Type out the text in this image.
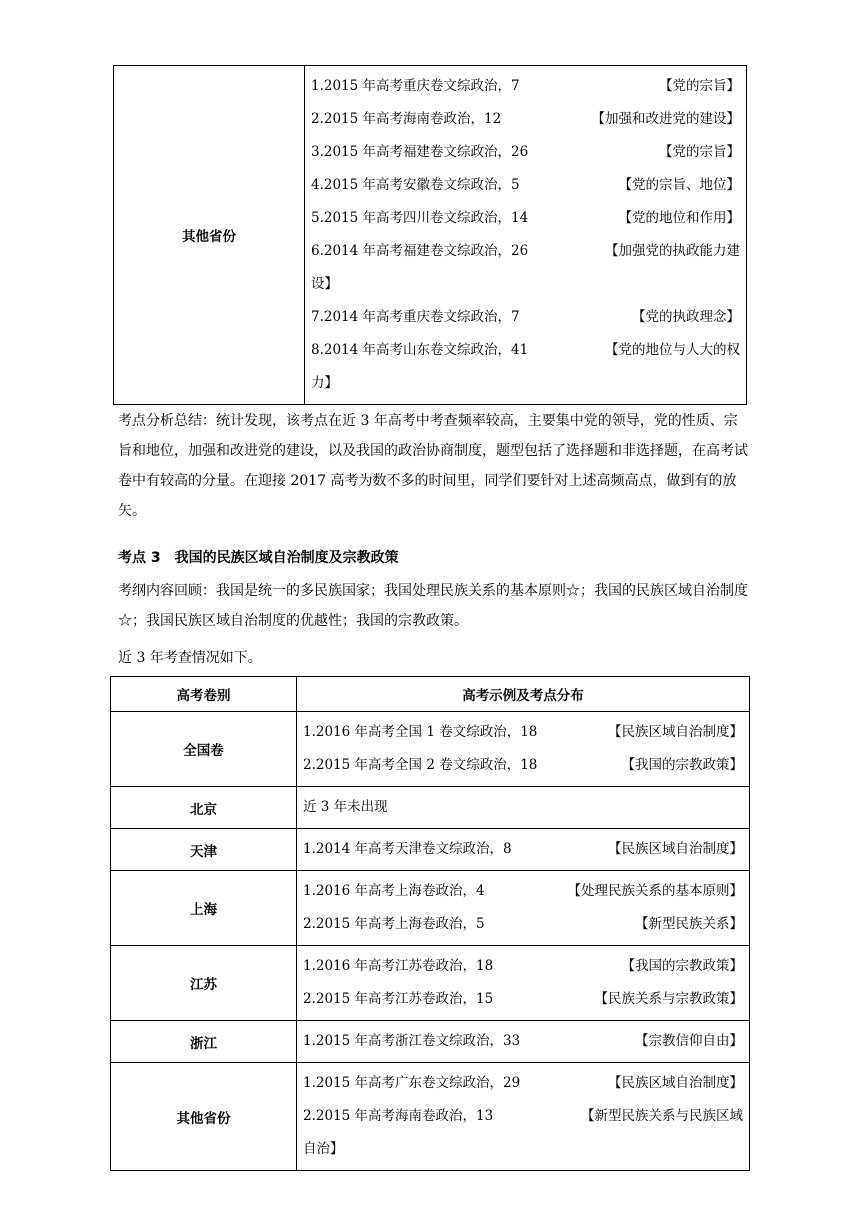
其他省份	
1.2015 年高考重庆卷文综政治，7	【党的宗旨】
2.2015 年高考海南卷政治，12	【加强和改进党的建设】
3.2015 年高考福建卷文综政治，26	【党的宗旨】
4.2015 年高考安徽卷文综政治，5	【党的宗旨、地位】
5.2015 年高考四川卷文综政治，14	【党的地位和作用】
6.2014 年高考福建卷文综政治，26	【加强党的执政能力建
设】
7.2014 年高考重庆卷文综政治，7	【党的执政理念】
8.2014 年高考山东卷文综政治，41	【党的地位与人大的权
力】
考点分析总结：统计发现，该考点在近 3 年高考中考查频率较高，主要集中党的领导，党的性质、宗旨和地位，加强和改进党的建设，以及我国的政治协商制度，题型包括了选择题和非选择题，在高考试卷中有较高的分量。在迎接 2017 高考为数不多的时间里，同学们要针对上述高频高点，做到有的放矢。
考点 3　我国的民族区域自治制度及宗教政策
考纲内容回顾：我国是统一的多民族国家；我国处理民族关系的基本原则☆；我国的民族区域自治制度☆；我国民族区域自治制度的优越性；我国的宗教政策。
近 3 年考查情况如下。
高考卷别	高考示例及考点分布
全国卷	1.2016 年高考全国 1 卷文综政治，18 【民族区域自治制度】
2.2015 年高考全国 2 卷文综政治，18 【我国的宗教政策】

北京	近 3 年未出现

天津	1.2014 年高考天津卷文综政治，8 【民族区域自治制度】

上海	1.2016 年高考上海卷政治，4 【处理民族关系的基本原则】
2.2015 年高考上海卷政治，5 【新型民族关系】

江苏	1.2016 年高考江苏卷政治，18 【我国的宗教政策】
2.2015 年高考江苏卷政治，15 【民族关系与宗教政策】

浙江	1.2015 年高考浙江卷文综政治，33 【宗教信仰自由】

其他省份	1.2015 年高考广东卷文综政治，29 【民族区域自治制度】
2.2015 年高考海南卷政治，13 【新型民族关系与民族区域
自治】
